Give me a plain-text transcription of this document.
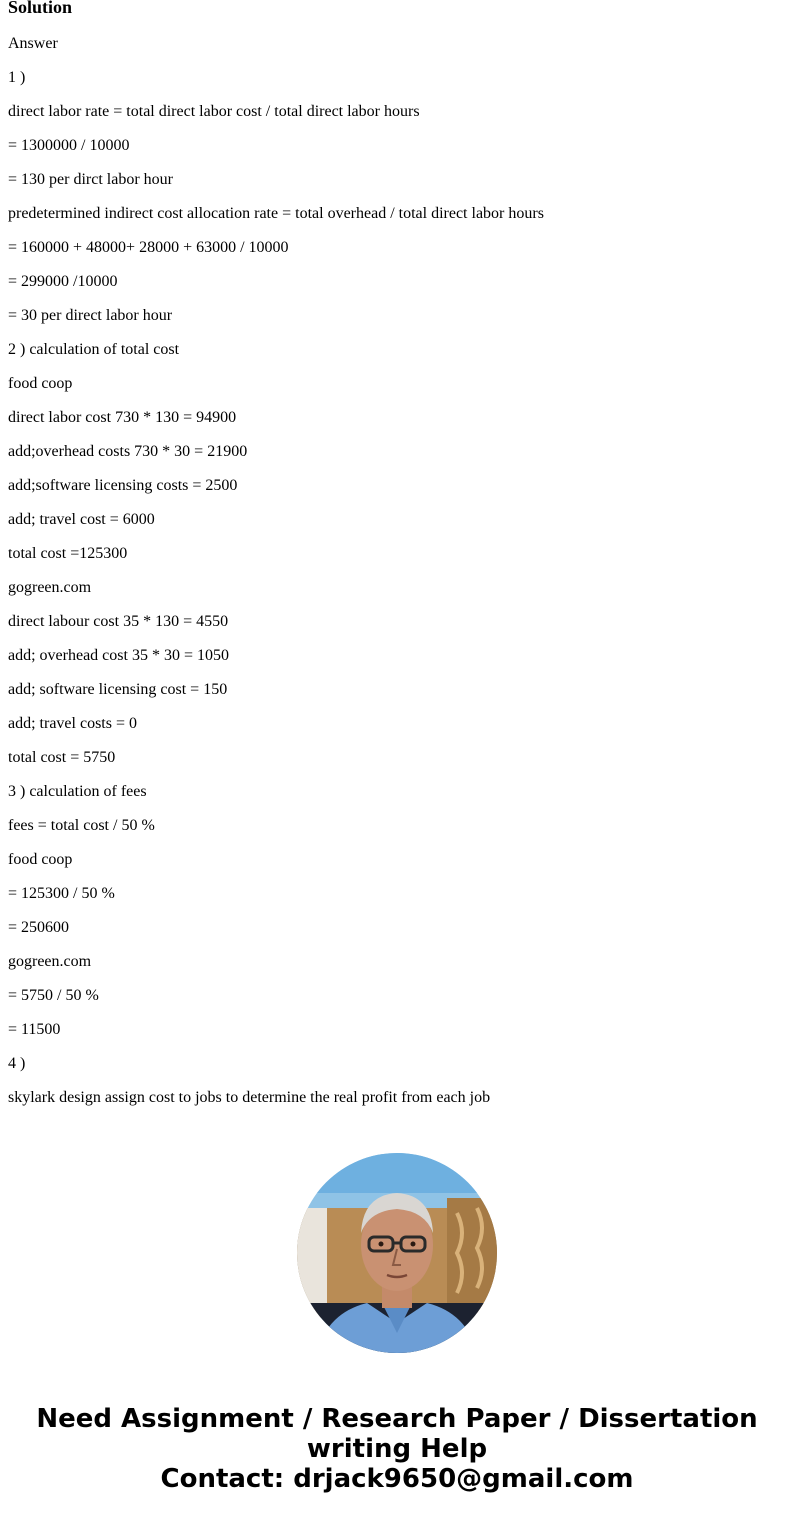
Solution
Answer
1 )
direct labor rate = total direct labor cost / total direct labor hours
= 1300000 / 10000
= 130 per dirct labor hour
predetermined indirect cost allocation rate = total overhead / total direct labor hours
= 160000 + 48000+ 28000 + 63000 / 10000
= 299000 /10000
= 30 per direct labor hour
2 ) calculation of total cost
food coop
direct labor cost 730 * 130 = 94900
add;overhead costs 730 * 30 = 21900
add;software licensing costs = 2500
add; travel cost = 6000
total cost =125300
gogreen.com
direct labour cost 35 * 130 = 4550
add; overhead cost 35 * 30 = 1050
add; software licensing cost = 150
add; travel costs = 0
total cost = 5750
3 ) calculation of fees
fees = total cost / 50 %
food coop
= 125300 / 50 %
= 250600
gogreen.com
= 5750 / 50 %
= 11500
4 )
skylark design assign cost to jobs to determine the real profit from each job
Need Assignment / Research Paper / Dissertation
writing Help
Contact: drjack9650@gmail.com
